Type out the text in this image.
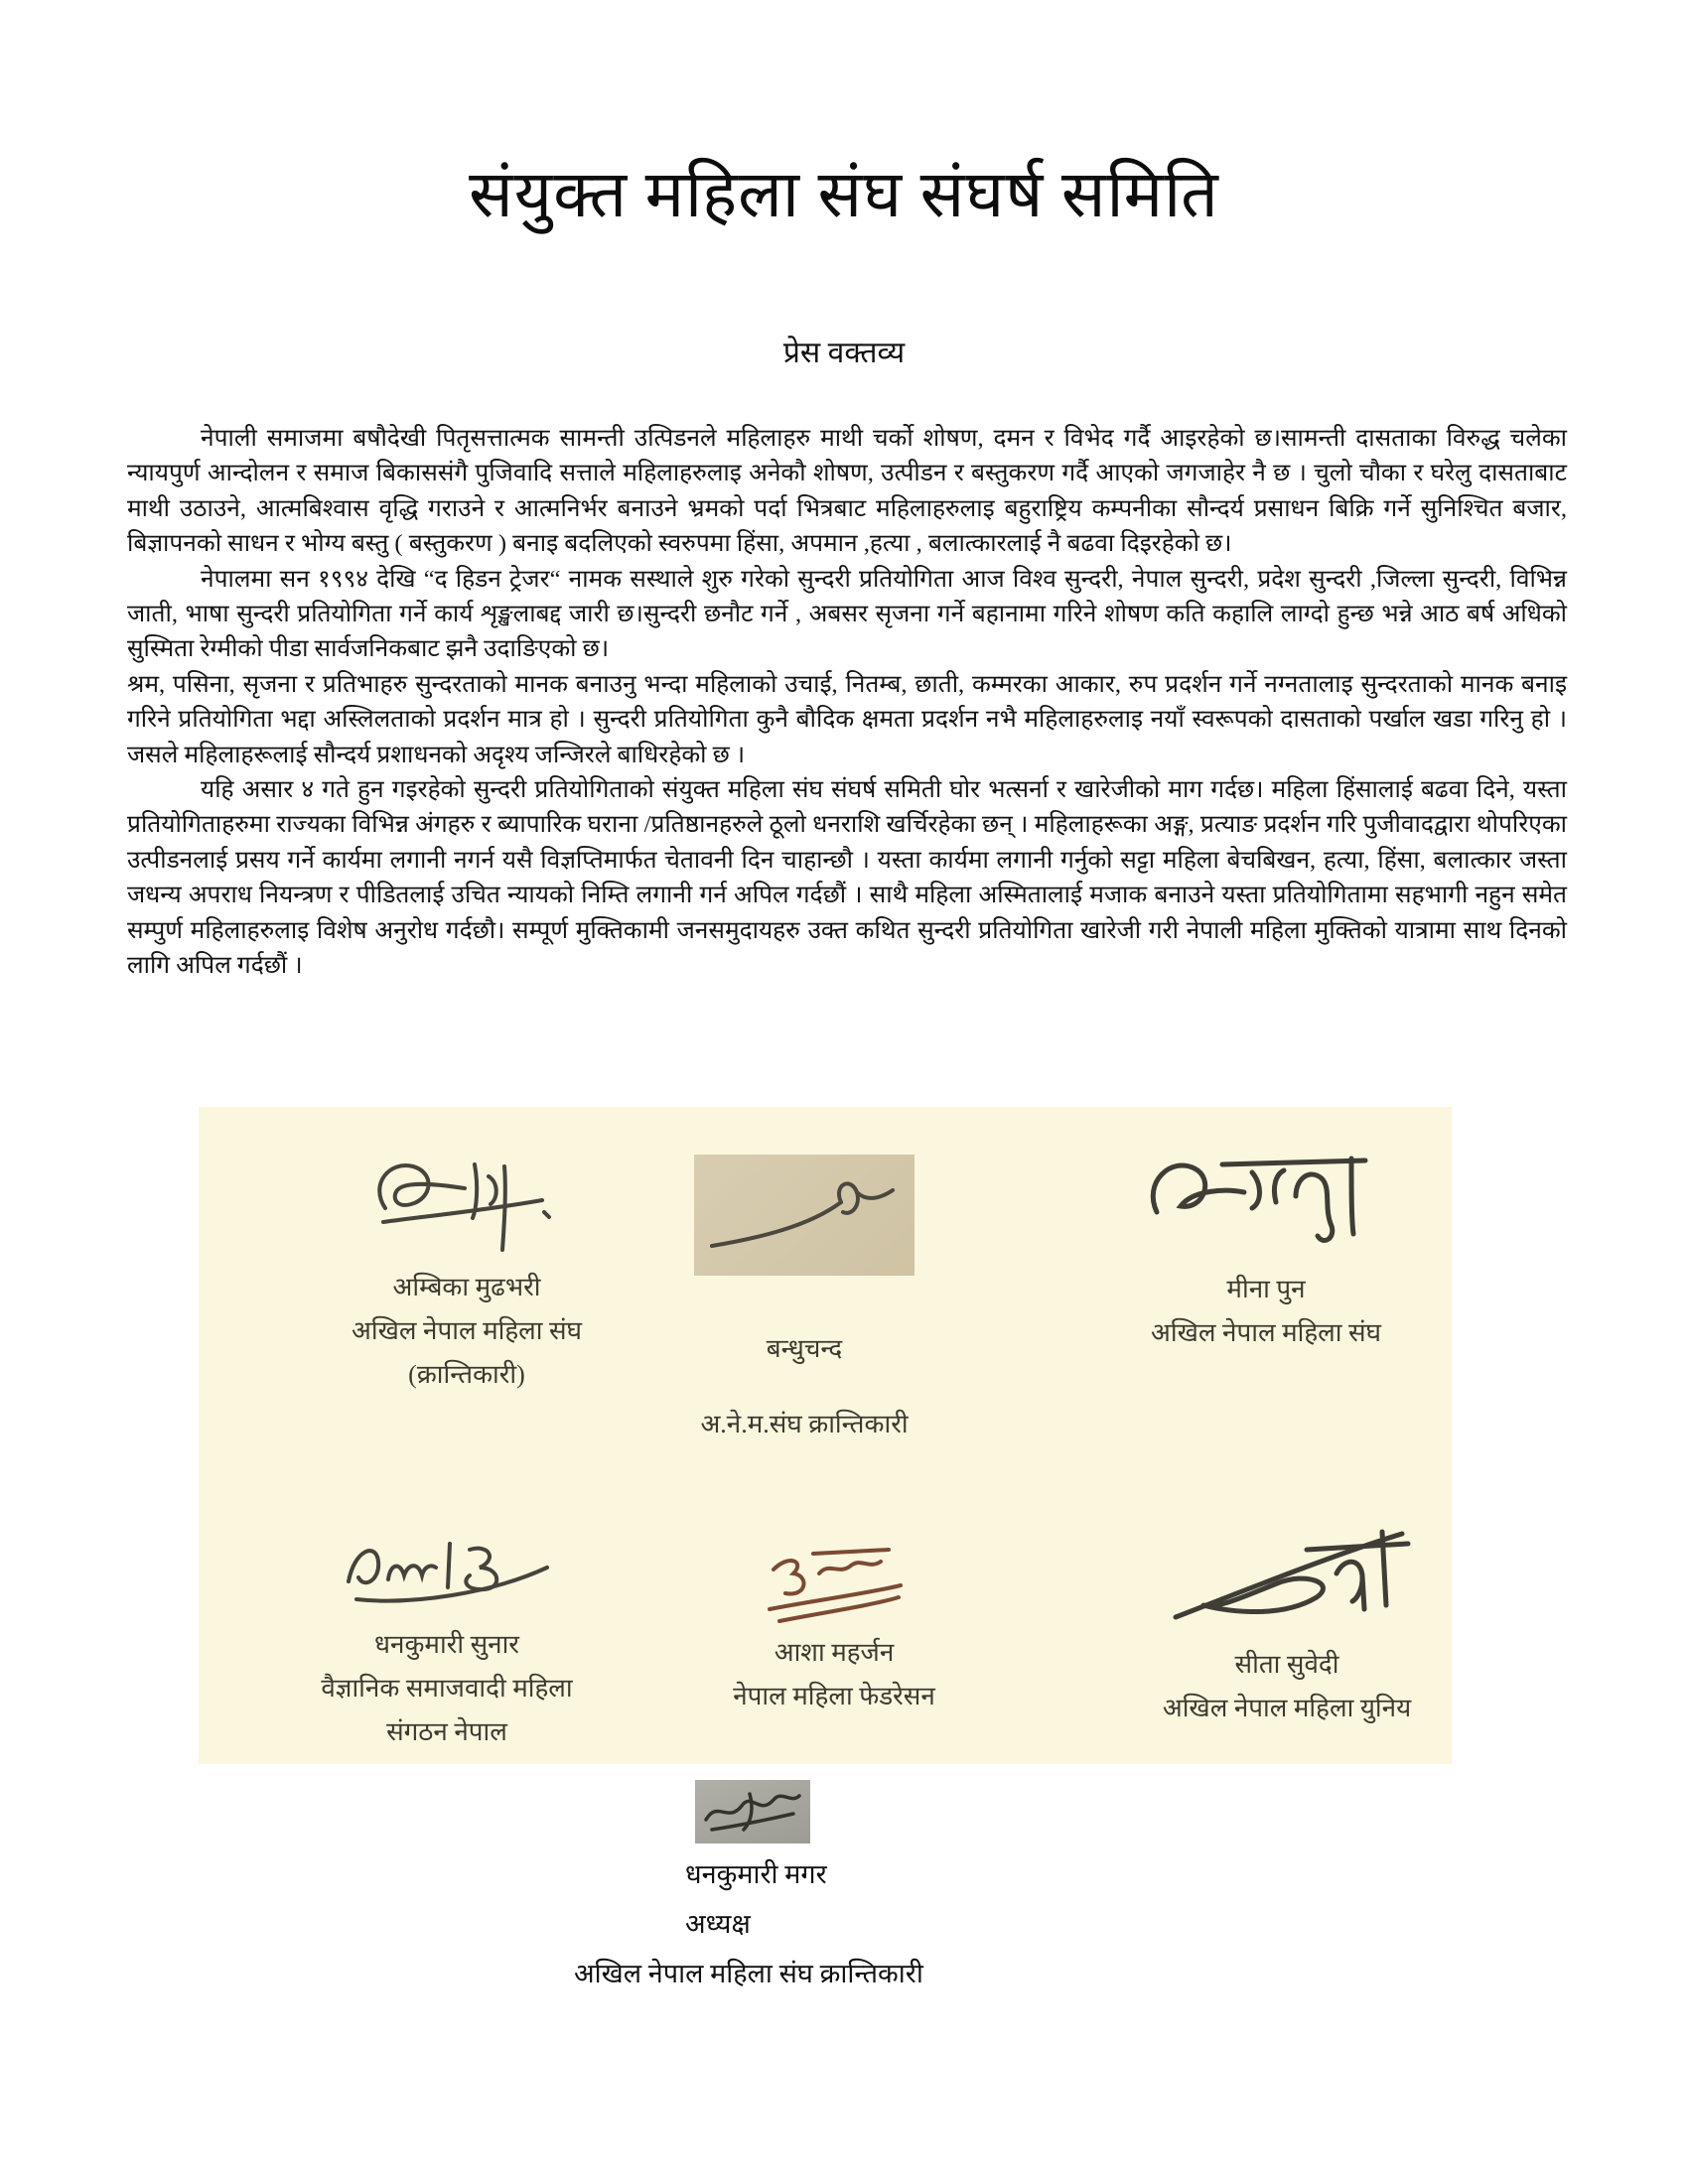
संयुक्त महिला संघ संघर्ष समिति
प्रेस वक्तव्य

नेपाली समाजमा बषौदेखी पितृसत्तात्मक सामन्ती उत्पिडनले महिलाहरु माथी चर्को शोषण, दमन र विभेद गर्दै आइरहेको छ।सामन्ती दासताका विरुद्ध चलेका न्यायपुर्ण आन्दोलन र समाज बिकाससंगै पुजिवादि सत्ताले महिलाहरुलाइ अनेकौ शोषण, उत्पीडन र बस्तुकरण गर्दै आएको जगजाहेर नै छ । चुलो चौका र घरेलु दासताबाट माथी उठाउने, आत्मबिश्वास वृद्धि गराउने र आत्मनिर्भर बनाउने भ्रमको पर्दा भित्रबाट महिलाहरुलाइ बहुराष्ट्रिय कम्पनीका सौन्दर्य प्रसाधन बिक्रि गर्ने सुनिश्चित बजार, बिज्ञापनको साधन र भोग्य बस्तु ( बस्तुकरण ) बनाइ बदलिएको स्वरुपमा हिंसा, अपमान ,हत्या , बलात्कारलाई नै बढवा दिइरहेको छ।

नेपालमा सन १९९४ देखि “द हिडन ट्रेजर“ नामक सस्थाले शुरु गरेको सुन्दरी प्रतियोगिता आज विश्व सुन्दरी, नेपाल सुन्दरी, प्रदेश सुन्दरी ,जिल्ला सुन्दरी, विभिन्न जाती, भाषा सुन्दरी प्रतियोगिता गर्ने कार्य शृङ्खलाबद्द जारी छ।सुन्दरी छनौट गर्ने , अबसर सृजना गर्ने बहानामा गरिने शोषण कति कहालि लाग्दो हुन्छ भन्ने आठ बर्ष अधिको सुस्मिता रेग्मीको पीडा सार्वजनिकबाट झनै उदाङिएको छ।

श्रम, पसिना, सृजना र प्रतिभाहरु सुन्दरताको मानक बनाउनु भन्दा महिलाको उचाई, नितम्ब, छाती, कम्मरका आकार, रुप प्रदर्शन गर्ने नग्नतालाइ सुन्दरताको मानक बनाइ गरिने प्रतियोगिता भद्दा अस्लिलताको प्रदर्शन मात्र हो । सुन्दरी प्रतियोगिता कुनै बौदिक क्षमता प्रदर्शन नभै महिलाहरुलाइ नयाँ स्वरूपको दासताको पर्खाल खडा गरिनु हो । जसले महिलाहरूलाई सौन्दर्य प्रशाधनको अदृश्य जन्जिरले बाधिरहेको छ ।

यहि असार ४ गते हुन गइरहेको सुन्दरी प्रतियोगिताको संयुक्त महिला संघ संघर्ष समिती घोर भत्सर्ना र खारेजीको माग गर्दछ। महिला हिंसालाई बढवा दिने, यस्ता प्रतियोगिताहरुमा राज्यका विभिन्न अंगहरु र ब्यापारिक घराना /प्रतिष्ठानहरुले ठूलो धनराशि खर्चिरहेका छन् । महिलाहरूका अङ्ग, प्रत्याङ प्रदर्शन गरि पुजीवादद्वारा थोपरिएका उत्पीडनलाई प्रसय गर्ने कार्यमा लगानी नगर्न यसै विज्ञप्तिमार्फत चेतावनी दिन चाहान्छौ । यस्ता कार्यमा लगानी गर्नुको सट्टा महिला बेचबिखन, हत्या, हिंसा, बलात्कार जस्ता जधन्य अपराध नियन्त्रण र पीडितलाई उचित न्यायको निम्ति लगानी गर्न अपिल गर्दछौं । साथै महिला अस्मितालाई मजाक बनाउने यस्ता प्रतियोगितामा सहभागी नहुन समेत सम्पुर्ण महिलाहरुलाइ विशेष अनुरोध गर्दछौ। सम्पूर्ण मुक्तिकामी जनसमुदायहरु उक्त कथित सुन्दरी प्रतियोगिता खारेजी गरी नेपाली महिला मुक्तिको यात्रामा साथ दिनको लागि अपिल गर्दछौं ।

अम्बिका मुढभरी
अखिल नेपाल महिला संघ
(क्रान्तिकारी)
बन्धुचन्द
अ.ने.म.संघ क्रान्तिकारी
मीना पुन
अखिल नेपाल महिला संघ
धनकुमारी सुनार
वैज्ञानिक समाजवादी महिला
संगठन नेपाल
आशा महर्जन
नेपाल महिला फेडरेसन
सीता सुवेदी
अखिल नेपाल महिला युनिय
धनकुमारी मगर
अध्यक्ष
अखिल नेपाल महिला संघ क्रान्तिकारी
